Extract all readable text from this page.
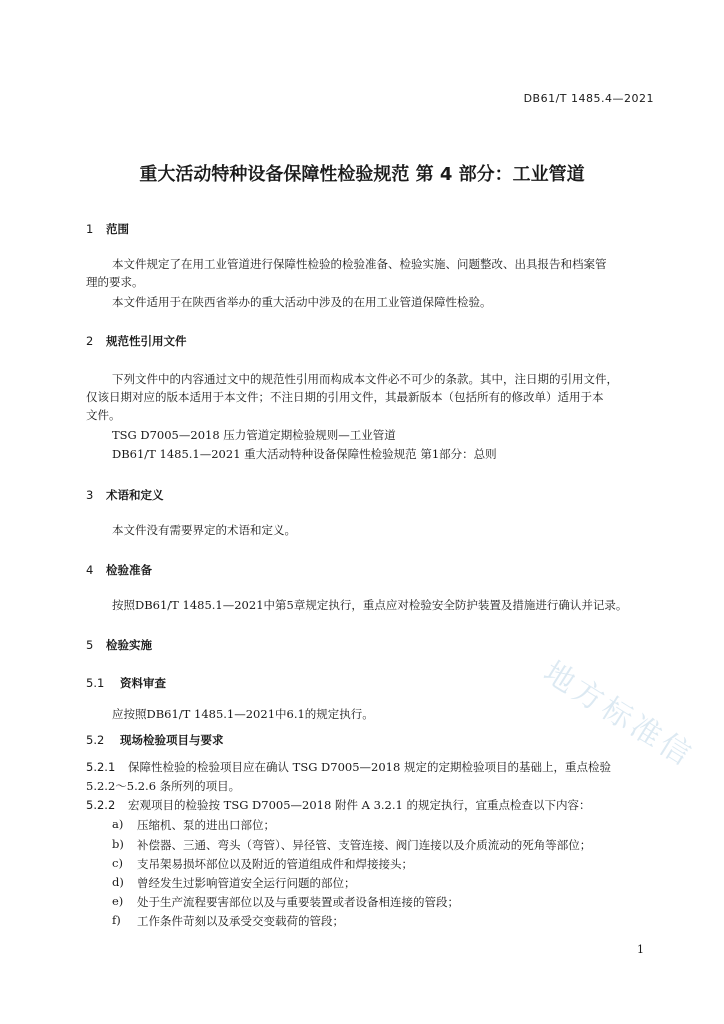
DB61/T 1485.4—2021
重大活动特种设备保障性检验规范 第 4 部分：工业管道
1 范围
本文件规定了在用工业管道进行保障性检验的检验准备、检验实施、问题整改、出具报告和档案管
理的要求。
本文件适用于在陕西省举办的重大活动中涉及的在用工业管道保障性检验。
2 规范性引用文件
下列文件中的内容通过文中的规范性引用而构成本文件必不可少的条款。其中，注日期的引用文件，
仅该日期对应的版本适用于本文件；不注日期的引用文件，其最新版本（包括所有的修改单）适用于本
文件。
TSG D7005—2018 压力管道定期检验规则—工业管道
DB61/T 1485.1—2021 重大活动特种设备保障性检验规范 第1部分：总则
3 术语和定义
本文件没有需要界定的术语和定义。
4 检验准备
按照DB61/T 1485.1—2021中第5章规定执行，重点应对检验安全防护装置及措施进行确认并记录。
5 检验实施
5.1 资料审查
应按照DB61/T 1485.1—2021中6.1的规定执行。
5.2 现场检验项目与要求
5.2.1 保障性检验的检验项目应在确认 TSG D7005—2018 规定的定期检验项目的基础上，重点检验
5.2.2～5.2.6 条所列的项目。
5.2.2 宏观项目的检验按 TSG D7005—2018 附件 A 3.2.1 的规定执行，宜重点检查以下内容：
a) 压缩机、泵的进出口部位；
b) 补偿器、三通、弯头（弯管）、异径管、支管连接、阀门连接以及介质流动的死角等部位；
c) 支吊架易损坏部位以及附近的管道组成件和焊接接头；
d) 曾经发生过影响管道安全运行问题的部位；
e) 处于生产流程要害部位以及与重要装置或者设备相连接的管段；
f) 工作条件苛刻以及承受交变载荷的管段；
1
地方标准信
